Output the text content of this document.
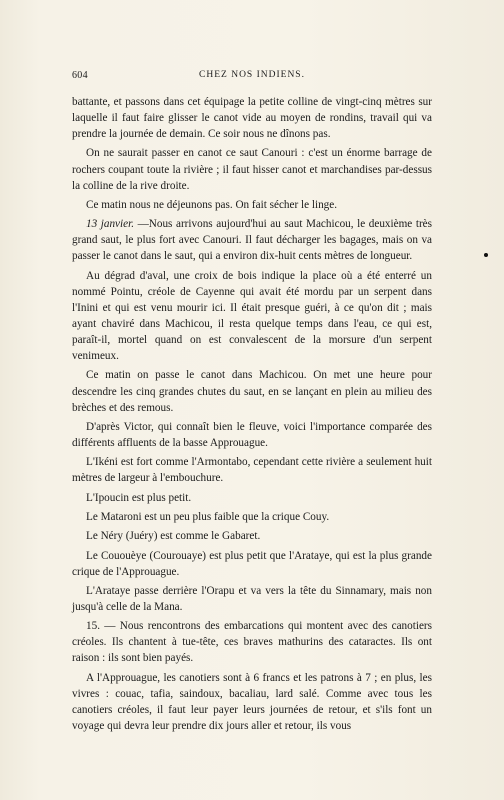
604	CHEZ NOS INDIENS.

battante, et passons dans cet équipage la petite colline de vingt-cinq mètres sur laquelle il faut faire glisser le canot vide au moyen de rondins, travail qui va prendre la journée de demain. Ce soir nous ne dînons pas.

On ne saurait passer en canot ce saut Canouri : c'est un énorme barrage de rochers coupant toute la rivière ; il faut hisser canot et marchandises par-dessus la colline de la rive droite.

Ce matin nous ne déjeunons pas. On fait sécher le linge.

13 janvier. —Nous arrivons aujourd'hui au saut Machicou, le deuxième très grand saut, le plus fort avec Canouri. Il faut décharger les bagages, mais on va passer le canot dans le saut, qui a environ dix-huit cents mètres de longueur.

Au dégrad d'aval, une croix de bois indique la place où a été enterré un nommé Pointu, créole de Cayenne qui avait été mordu par un serpent dans l'Inini et qui est venu mourir ici. Il était presque guéri, à ce qu'on dit ; mais ayant chaviré dans Machicou, il resta quelque temps dans l'eau, ce qui est, paraît-il, mortel quand on est convalescent de la morsure d'un serpent venimeux.

Ce matin on passe le canot dans Machicou. On met une heure pour descendre les cinq grandes chutes du saut, en se lançant en plein au milieu des brèches et des remous.

D'après Victor, qui connaît bien le fleuve, voici l'importance comparée des différents affluents de la basse Approuague.

L'Ikéni est fort comme l'Armontabo, cependant cette rivière a seulement huit mètres de largeur à l'embouchure.

L'Ipoucin est plus petit.

Le Mataroni est un peu plus faible que la crique Couy.

Le Néry (Juéry) est comme le Gabaret.

Le Cououèye (Courouaye) est plus petit que l'Arataye, qui est la plus grande crique de l'Approuague.

L'Arataye passe derrière l'Orapu et va vers la tête du Sinnamary, mais non jusqu'à celle de la Mana.

15. — Nous rencontrons des embarcations qui montent avec des canotiers créoles. Ils chantent à tue-tête, ces braves mathurins des cataractes. Ils ont raison : ils sont bien payés.

A l'Approuague, les canotiers sont à 6 francs et les patrons à 7 ; en plus, les vivres : couac, tafia, saindoux, bacaliau, lard salé. Comme avec tous les canotiers créoles, il faut leur payer leurs journées de retour, et s'ils font un voyage qui devra leur prendre dix jours aller et retour, ils vous
